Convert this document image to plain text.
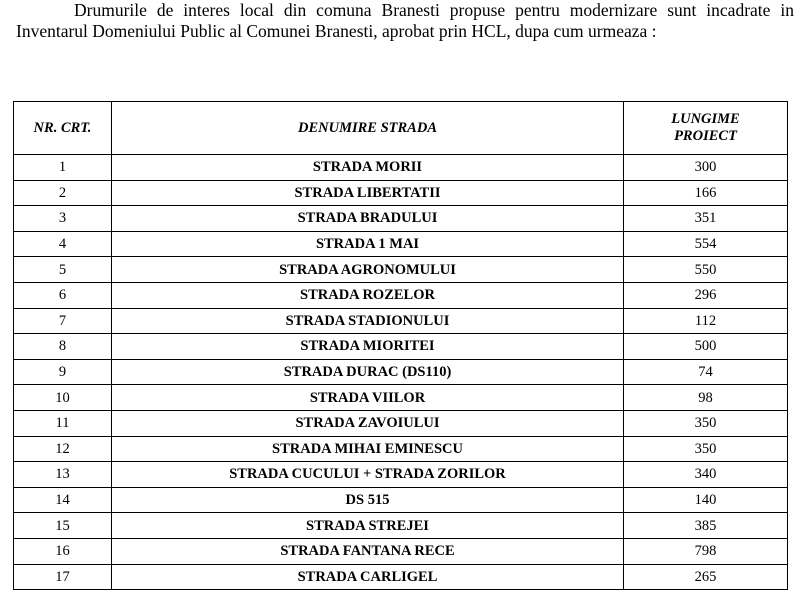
Drumurile de interes local din comuna Branesti propuse pentru modernizare sunt incadrate in Inventarul Domeniului Public al Comunei Branesti, aprobat prin HCL, dupa cum urmeaza :

NR. CRT.	DENUMIRE STRADA	LUNGIME
PROIECT

1	STRADA MORII	300
2	STRADA LIBERTATII	166
3	STRADA BRADULUI	351
4	STRADA 1 MAI	554
5	STRADA AGRONOMULUI	550
6	STRADA ROZELOR	296
7	STRADA STADIONULUI	112
8	STRADA MIORITEI	500
9	STRADA DURAC (DS110)	74
10	STRADA VIILOR	98
11	STRADA ZAVOIULUI	350
12	STRADA MIHAI EMINESCU	350
13	STRADA CUCULUI + STRADA ZORILOR	340
14	DS 515	140
15	STRADA STREJEI	385
16	STRADA FANTANA RECE	798
17	STRADA CARLIGEL	265
